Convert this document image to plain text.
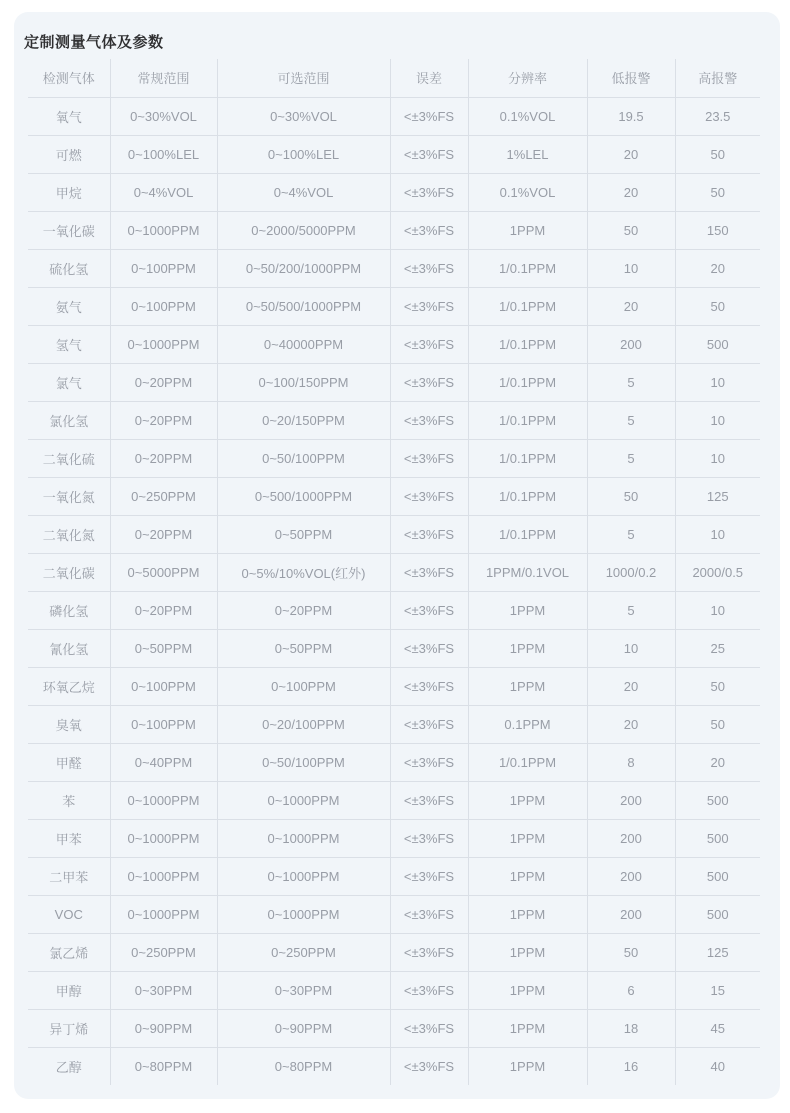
定制测量气体及参数
检测气体	常规范围	可选范围	误差	分辨率	低报警	高报警
氧气	0~30%VOL	0~30%VOL	<±3%FS	0.1%VOL	19.5	23.5
可燃	0~100%LEL	0~100%LEL	<±3%FS	1%LEL	20	50
甲烷	0~4%VOL	0~4%VOL	<±3%FS	0.1%VOL	20	50
一氧化碳	0~1000PPM	0~2000/5000PPM	<±3%FS	1PPM	50	150
硫化氢	0~100PPM	0~50/200/1000PPM	<±3%FS	1/0.1PPM	10	20
氨气	0~100PPM	0~50/500/1000PPM	<±3%FS	1/0.1PPM	20	50
氢气	0~1000PPM	0~40000PPM	<±3%FS	1/0.1PPM	200	500
氯气	0~20PPM	0~100/150PPM	<±3%FS	1/0.1PPM	5	10
氯化氢	0~20PPM	0~20/150PPM	<±3%FS	1/0.1PPM	5	10
二氧化硫	0~20PPM	0~50/100PPM	<±3%FS	1/0.1PPM	5	10
一氧化氮	0~250PPM	0~500/1000PPM	<±3%FS	1/0.1PPM	50	125
二氧化氮	0~20PPM	0~50PPM	<±3%FS	1/0.1PPM	5	10
二氧化碳	0~5000PPM	0~5%/10%VOL(红外)	<±3%FS	1PPM/0.1VOL	1000/0.2	2000/0.5
磷化氢	0~20PPM	0~20PPM	<±3%FS	1PPM	5	10
氰化氢	0~50PPM	0~50PPM	<±3%FS	1PPM	10	25
环氧乙烷	0~100PPM	0~100PPM	<±3%FS	1PPM	20	50
臭氧	0~100PPM	0~20/100PPM	<±3%FS	0.1PPM	20	50
甲醛	0~40PPM	0~50/100PPM	<±3%FS	1/0.1PPM	8	20
苯	0~1000PPM	0~1000PPM	<±3%FS	1PPM	200	500
甲苯	0~1000PPM	0~1000PPM	<±3%FS	1PPM	200	500
二甲苯	0~1000PPM	0~1000PPM	<±3%FS	1PPM	200	500
VOC	0~1000PPM	0~1000PPM	<±3%FS	1PPM	200	500
氯乙烯	0~250PPM	0~250PPM	<±3%FS	1PPM	50	125
甲醇	0~30PPM	0~30PPM	<±3%FS	1PPM	6	15
异丁烯	0~90PPM	0~90PPM	<±3%FS	1PPM	18	45
乙醇	0~80PPM	0~80PPM	<±3%FS	1PPM	16	40
